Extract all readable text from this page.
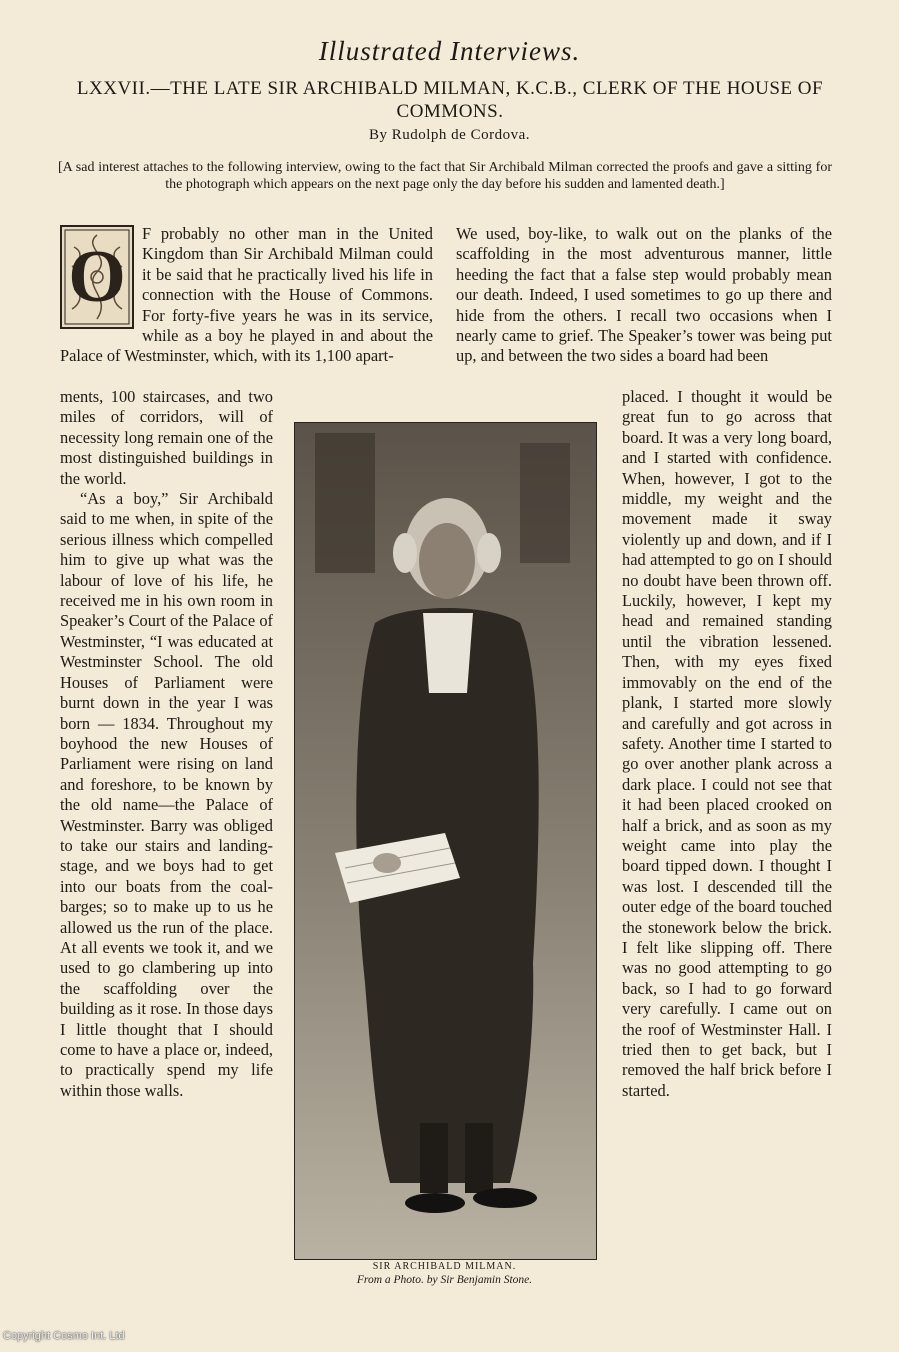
Illustrated Interviews.
LXXVII.—THE LATE SIR ARCHIBALD MILMAN, K.C.B., CLERK OF THE HOUSE OF COMMONS.
By Rudolph de Cordova.
[A sad interest attaches to the following interview, owing to the fact that Sir Archibald Milman corrected the proofs and gave a sitting for the photograph which appears on the next page only the day before his sudden and lamented death.]
O

F probably no other man in the United Kingdom than Sir Archibald Milman could it be said that he practically lived his life in connection with the House of Commons. For forty-five years he was in its service, while as a boy he played in and about the Palace of Westminster, which, with its 1,100 apart-

ments, 100 staircases, and two miles of corridors, will of necessity long remain one of the most distinguished buildings in the world.

“As a boy,” Sir Archibald said to me when, in spite of the serious illness which compelled him to give up what was the labour of love of his life, he received me in his own room in Speaker’s Court of the Palace of Westminster, “I was educated at Westminster School. The old Houses of Parliament were burnt down in the year I was born — 1834. Throughout my boyhood the new Houses of Parliament were rising on land and foreshore, to be known by the old name—the Palace of Westminster. Barry was obliged to take our stairs and landing-stage, and we boys had to get into our boats from the coal-barges; so to make up to us he allowed us the run of the place. At all events we took it, and we used to go clambering up into the scaffolding over the building as it rose. In those days I little thought that I should come to have a place or, indeed, to practically spend my life within those walls.

We used, boy-like, to walk out on the planks of the scaffolding in the most adventurous manner, little heeding the fact that a false step would probably mean our death. Indeed, I used sometimes to go up there and hide from the others. I recall two occasions when I nearly came to grief. The Speaker’s tower was being put up, and between the two sides a board had been

placed. I thought it would be great fun to go across that board. It was a very long board, and I started with confidence. When, however, I got to the middle, my weight and the movement made it sway violently up and down, and if I had attempted to go on I should no doubt have been thrown off. Luckily, however, I kept my head and remained standing until the vibration lessened. Then, with my eyes fixed immovably on the end of the plank, I started more slowly and carefully and got across in safety. Another time I started to go over another plank across a dark place. I could not see that it had been placed crooked on half a brick, and as soon as my weight came into play the board tipped down. I thought I was lost. I descended till the outer edge of the board touched the stonework below the brick. I felt like slipping off. There was no good attempting to go back, so I had to go forward very carefully. I came out on the roof of Westminster Hall. I tried then to get back, but I removed the half brick before I started.

SIR ARCHIBALD MILMAN.
From a Photo. by Sir Benjamin Stone.
Copyright Cosmo Int. Ltd
